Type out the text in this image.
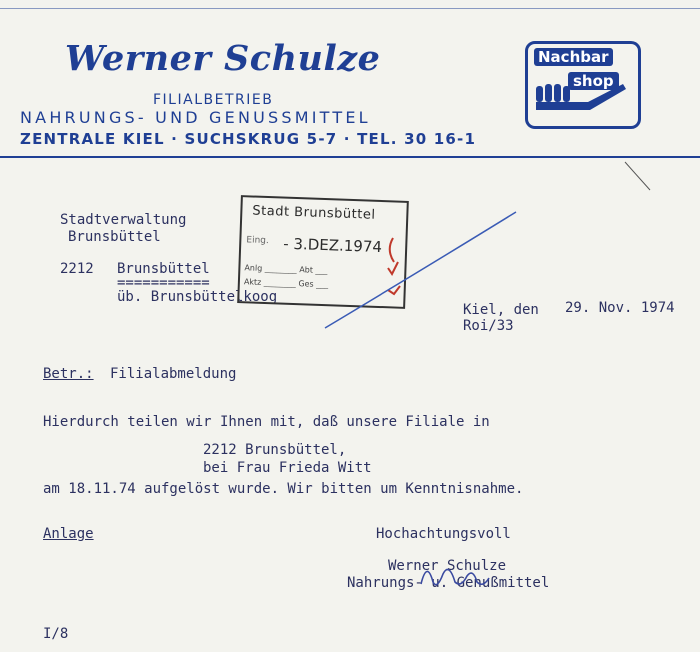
Werner Schulze
FILIALBETRIEB
NAHRUNGS- UND GENUSSMITTEL
ZENTRALE KIEL · SUCHSKRUG 5-7 · TEL. 30 16-1
Nachbar
shop
Stadtverwaltung
Brunsbüttel
2212 Brunsbüttel
===========
üb. Brunsbüttelkoog
Stadt Brunsbüttel
Eing. - 3.DEZ.1974
Anlg ________ Abt ___
Aktz ________ Ges ___
Kiel, den 29. Nov. 1974
Roi/33
Betr.: Filialabmeldung
Hierdurch teilen wir Ihnen mit, daß unsere Filiale in
2212 Brunsbüttel,
bei Frau Frieda Witt
am 18.11.74 aufgelöst wurde. Wir bitten um Kenntnisnahme.
Anlage	Hochachtungsvoll
Werner Schulze
Nahrungs- u. Genußmittel
I/8
